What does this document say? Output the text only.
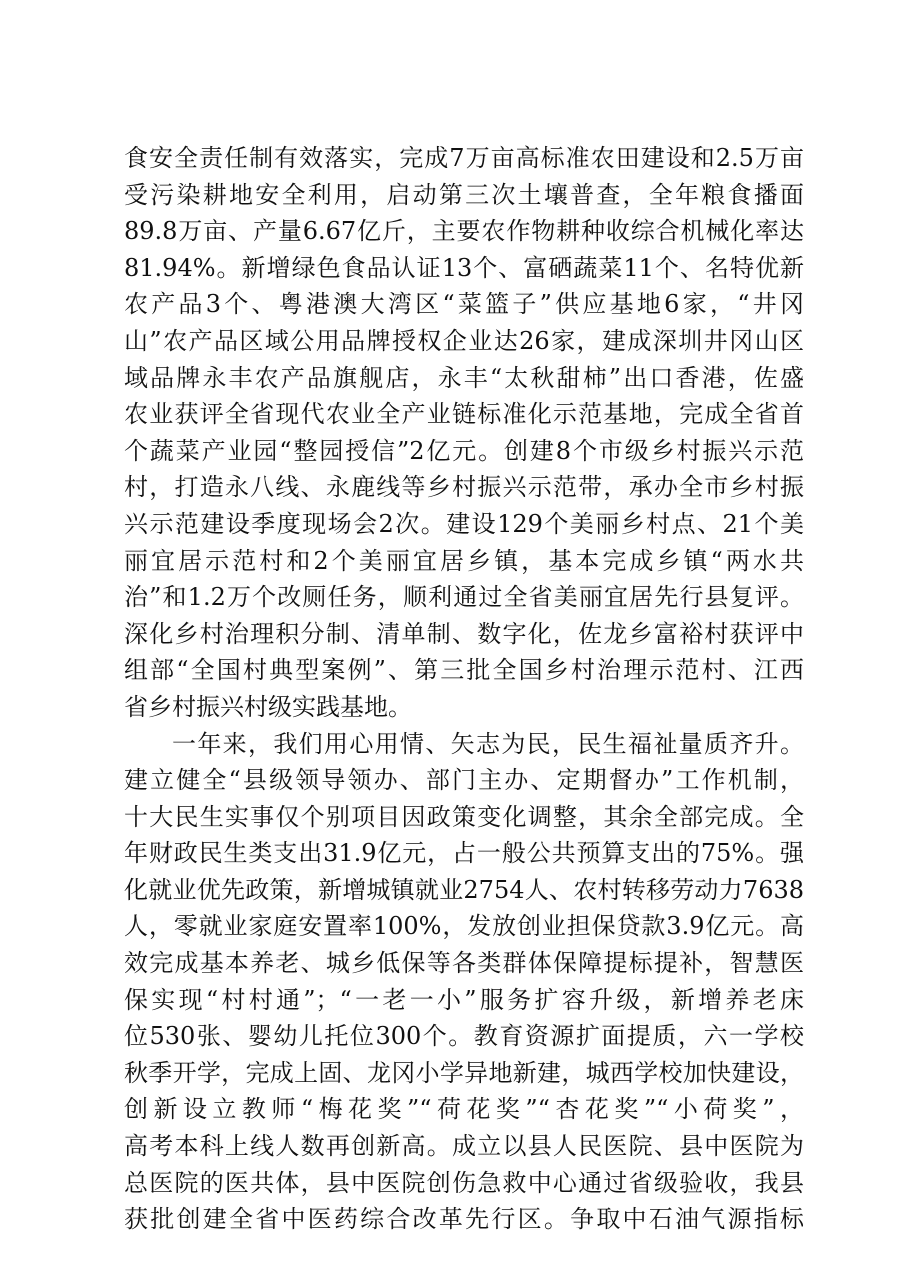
食安全责任制有效落实，完成7万亩高标准农田建设和2.5万亩
受污染耕地安全利用，启动第三次土壤普查，全年粮食播面
89.8万亩、产量6.67亿斤，主要农作物耕种收综合机械化率达
81.94%。新增绿色食品认证13个、富硒蔬菜11个、名特优新
农产品3个、粤港澳大湾区“菜篮子”供应基地6家，“井冈
山”农产品区域公用品牌授权企业达26家，建成深圳井冈山区
域品牌永丰农产品旗舰店，永丰“太秋甜柿”出口香港，佐盛
农业获评全省现代农业全产业链标准化示范基地，完成全省首
个蔬菜产业园“整园授信”2亿元。创建8个市级乡村振兴示范
村，打造永八线、永鹿线等乡村振兴示范带，承办全市乡村振
兴示范建设季度现场会2次。建设129个美丽乡村点、21个美
丽宜居示范村和2个美丽宜居乡镇，基本完成乡镇“两水共
治”和1.2万个改厕任务，顺利通过全省美丽宜居先行县复评。
深化乡村治理积分制、清单制、数字化，佐龙乡富裕村获评中
组部“全国村典型案例”、第三批全国乡村治理示范村、江西
省乡村振兴村级实践基地。
一年来，我们用心用情、矢志为民，民生福祉量质齐升。
建立健全“县级领导领办、部门主办、定期督办”工作机制，
十大民生实事仅个别项目因政策变化调整，其余全部完成。全
年财政民生类支出31.9亿元，占一般公共预算支出的75%。强
化就业优先政策，新增城镇就业2754人、农村转移劳动力7638
人，零就业家庭安置率100%，发放创业担保贷款3.9亿元。高
效完成基本养老、城乡低保等各类群体保障提标提补，智慧医
保实现“村村通”；“一老一小”服务扩容升级，新增养老床
位530张、婴幼儿托位300个。教育资源扩面提质，六一学校
秋季开学，完成上固、龙冈小学异地新建，城西学校加快建设，
创新设立教师“梅花奖”“荷花奖”“杏花奖”“小荷奖”，
高考本科上线人数再创新高。成立以县人民医院、县中医院为
总医院的医共体，县中医院创伤急救中心通过省级验收，我县
获批创建全省中医药综合改革先行区。争取中石油气源指标
